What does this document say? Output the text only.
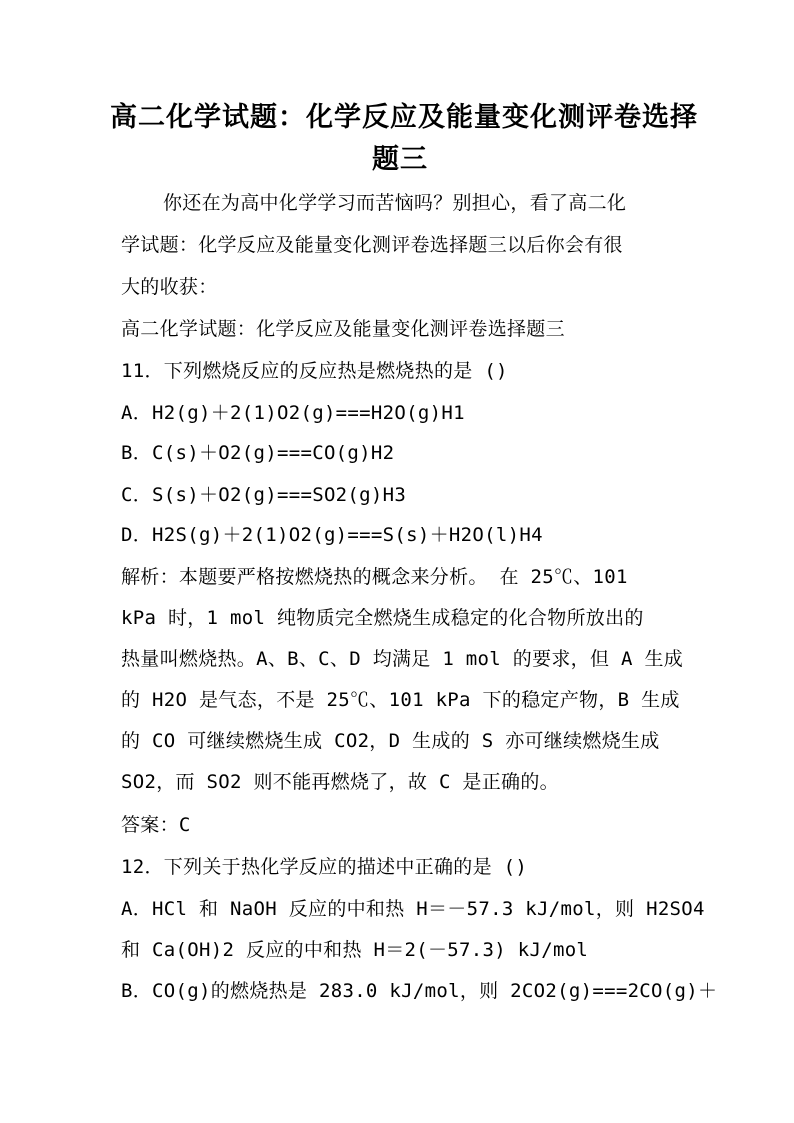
高二化学试题：化学反应及能量变化测评卷选择
题三
你还在为高中化学学习而苦恼吗？别担心，看了高二化
学试题：化学反应及能量变化测评卷选择题三以后你会有很
大的收获：
高二化学试题：化学反应及能量变化测评卷选择题三
11．下列燃烧反应的反应热是燃烧热的是 ()
A．H2(g)＋2(1)O2(g)===H2O(g)H1
B．C(s)＋O2(g)===CO(g)H2
C．S(s)＋O2(g)===SO2(g)H3
D．H2S(g)＋2(1)O2(g)===S(s)＋H2O(l)H4
解析：本题要严格按燃烧热的概念来分析。 在 25℃、101
kPa 时，1 mol 纯物质完全燃烧生成稳定的化合物所放出的
热量叫燃烧热。A、B、C、D 均满足 1 mol 的要求，但 A 生成
的 H2O 是气态，不是 25℃、101 kPa 下的稳定产物，B 生成
的 CO 可继续燃烧生成 CO2，D 生成的 S 亦可继续燃烧生成
SO2，而 SO2 则不能再燃烧了，故 C 是正确的。
答案：C
12．下列关于热化学反应的描述中正确的是 ()
A．HCl 和 NaOH 反应的中和热 H＝－57.3 kJ/mol，则 H2SO4
和 Ca(OH)2 反应的中和热 H＝2(－57.3) kJ/mol
B．CO(g)的燃烧热是 283.0 kJ/mol，则 2CO2(g)===2CO(g)＋
